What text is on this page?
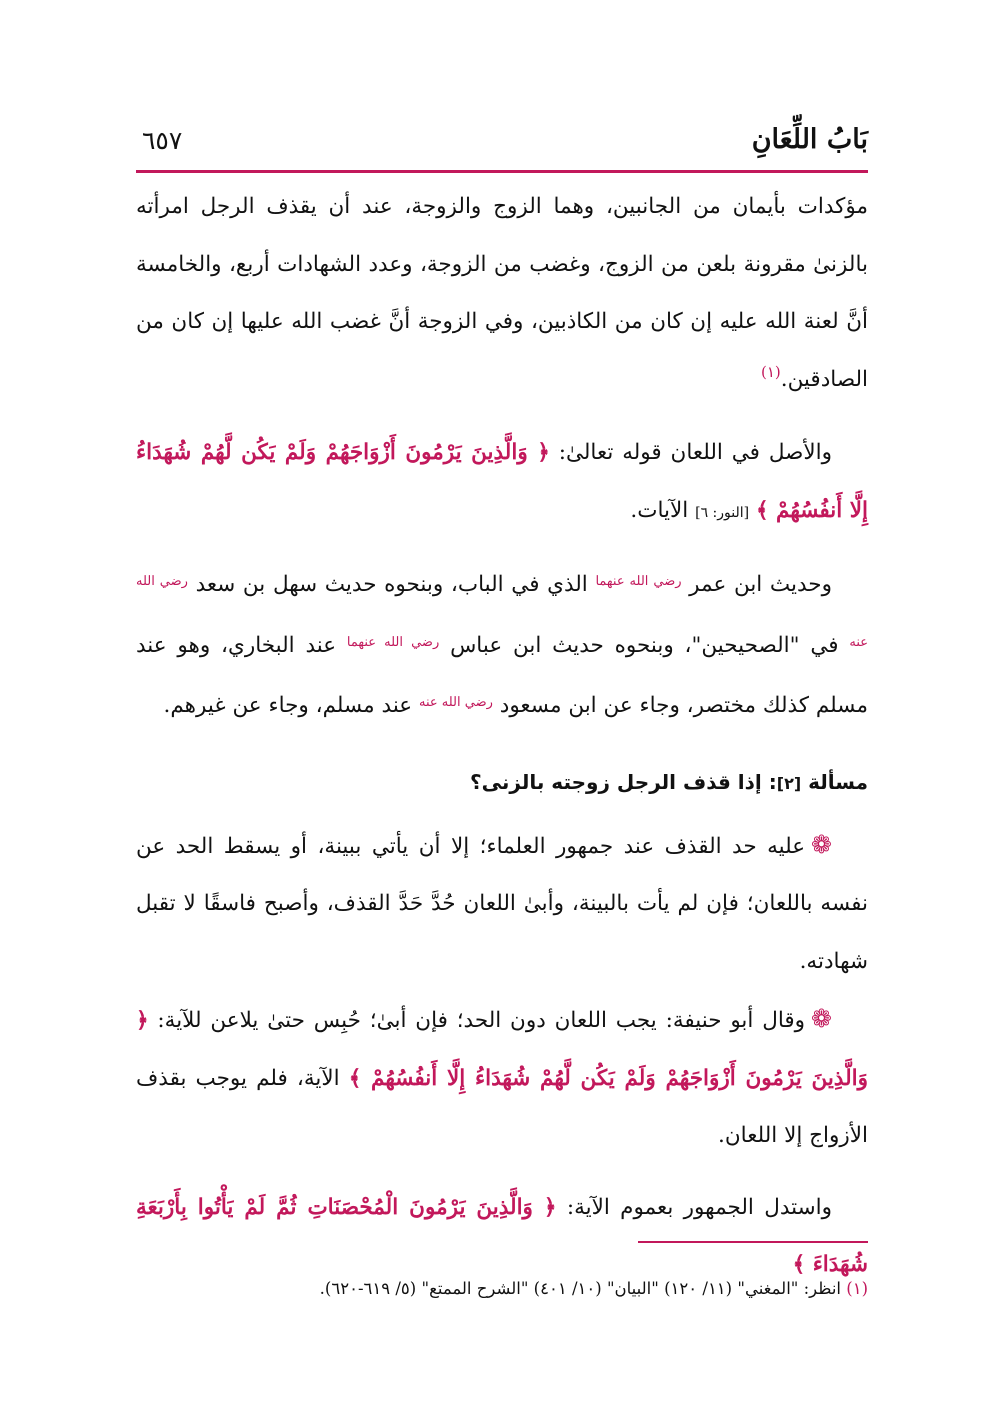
بَابُ اللِّعَانِ
٦٥٧

مؤكدات بأيمان من الجانبين، وهما الزوج والزوجة، عند أن يقذف الرجل امرأته بالزنىٰ مقرونة بلعن من الزوج، وغضب من الزوجة، وعدد الشهادات أربع، والخامسة أنَّ لعنة الله عليه إن كان من الكاذبين، وفي الزوجة أنَّ غضب الله عليها إن كان من الصادقين.$^{(١)}$

والأصل في اللعان قوله تعالىٰ: ﴿ وَالَّذِينَ يَرْمُونَ أَزْوَاجَهُمْ وَلَمْ يَكُن لَّهُمْ شُهَدَاءُ إِلَّا أَنفُسُهُمْ ﴾ [النور: ٦] الآيات.

وحديث ابن عمر $^{رضي الله عنهما}$ الذي في الباب، وبنحوه حديث سهل بن سعد $^{رضي الله عنه}$ في "الصحيحين"، وبنحوه حديث ابن عباس $^{رضي الله عنهما}$ عند البخاري، وهو عند مسلم كذلك مختصر، وجاء عن ابن مسعود $^{رضي الله عنه}$ عند مسلم، وجاء عن غيرهم.

مسألة [٢]: إذا قذف الرجل زوجته بالزنى؟

❁عليه حد القذف عند جمهور العلماء؛ إلا أن يأتي ببينة، أو يسقط الحد عن نفسه باللعان؛ فإن لم يأت بالبينة، وأبىٰ اللعان حُدَّ حَدَّ القذف، وأصبح فاسقًا لا تقبل شهادته.

❁وقال أبو حنيفة: يجب اللعان دون الحد؛ فإن أبىٰ؛ حُبِس حتىٰ يلاعن للآية: ﴿ وَالَّذِينَ يَرْمُونَ أَزْوَاجَهُمْ وَلَمْ يَكُن لَّهُمْ شُهَدَاءُ إِلَّا أَنفُسُهُمْ ﴾ الآية، فلم يوجب بقذف الأزواج إلا اللعان.

واستدل الجمهور بعموم الآية: ﴿ وَالَّذِينَ يَرْمُونَ الْمُحْصَنَاتِ ثُمَّ لَمْ يَأْتُوا بِأَرْبَعَةِ شُهَدَاءَ ﴾

(١) انظر: "المغني" (١١/ ١٢٠) "البيان" (١٠/ ٤٠١) "الشرح الممتع" (٥/ ٦١٩-٦٢٠).
